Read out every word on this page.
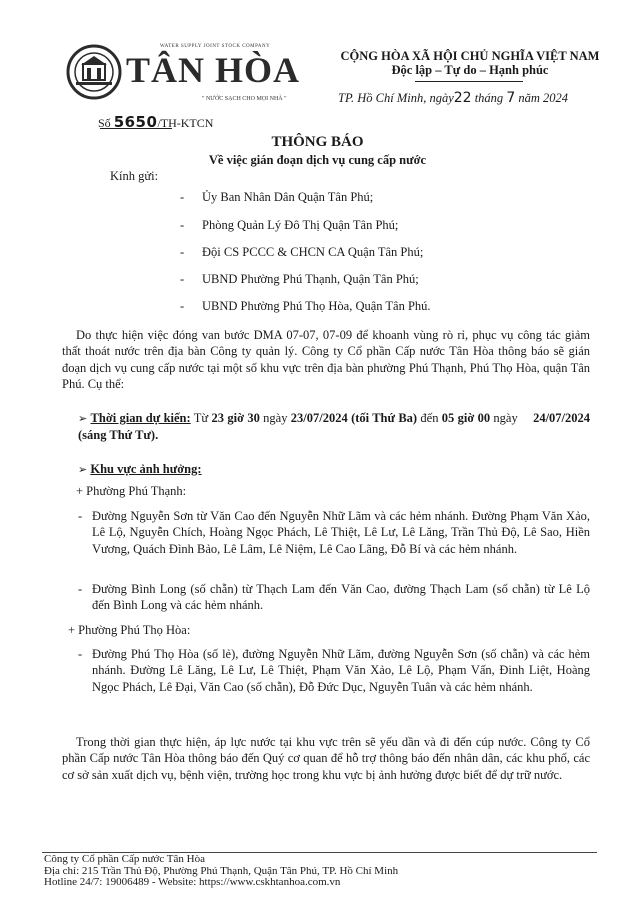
WATER SUPPLY JOINT STOCK COMPANY
TÂN HÒA
" NƯỚC SẠCH CHO MỌI NHÀ "
CỘNG HÒA XÃ HỘI CHỦ NGHĨA VIỆT NAM
Độc lập – Tự do – Hạnh phúc
TP. Hồ Chí Minh, ngày22 tháng 7 năm 2024
Số 5650/TH-KTCN
THÔNG BÁO
Về việc gián đoạn dịch vụ cung cấp nước
Kính gửi:
- Ủy Ban Nhân Dân Quận Tân Phú;
- Phòng Quản Lý Đô Thị Quận Tân Phú;
- Đội CS PCCC & CHCN CA Quận Tân Phú;
- UBND Phường Phú Thạnh, Quận Tân Phú;
- UBND Phường Phú Thọ Hòa, Quận Tân Phú.
Do thực hiện việc đóng van bước DMA 07-07, 07-09 để khoanh vùng rò rỉ, phục vụ công tác giảm thất thoát nước trên địa bàn Công ty quản lý. Công ty Cổ phần Cấp nước Tân Hòa thông báo sẽ gián đoạn dịch vụ cung cấp nước tại một số khu vực trên địa bàn phường Phú Thạnh, Phú Thọ Hòa, quận Tân Phú. Cụ thể:
➢ Thời gian dự kiến: Từ 23 giờ 30 ngày 23/07/2024 (tối Thứ Ba) đến 05 giờ 00 ngày 24/07/2024 (sáng Thứ Tư).
➢ Khu vực ảnh hưởng:
+ Phường Phú Thạnh:
- Đường Nguyễn Sơn từ Văn Cao đến Nguyễn Nhữ Lãm và các hẻm nhánh. Đường Phạm Văn Xảo, Lê Lộ, Nguyễn Chích, Hoàng Ngọc Phách, Lê Thiệt, Lê Lư, Lê Lăng, Trần Thủ Độ, Lê Sao, Hiền Vương, Quách Đình Bảo, Lê Lâm, Lê Niệm, Lê Cao Lãng, Đỗ Bí và các hẻm nhánh.
- Đường Bình Long (số chẵn) từ Thạch Lam đến Văn Cao, đường Thạch Lam (số chẵn) từ Lê Lộ đến Bình Long và các hẻm nhánh.
+ Phường Phú Thọ Hòa:
- Đường Phú Thọ Hòa (số lẻ), đường Nguyễn Nhữ Lãm, đường Nguyễn Sơn (số chẵn) và các hẻm nhánh. Đường Lê Lăng, Lê Lư, Lê Thiệt, Phạm Văn Xảo, Lê Lộ, Phạm Vấn, Đinh Liệt, Hoàng Ngọc Phách, Lê Đại, Văn Cao (số chẵn), Đỗ Đức Dục, Nguyễn Tuân và các hẻm nhánh.
Trong thời gian thực hiện, áp lực nước tại khu vực trên sẽ yếu dần và đi đến cúp nước. Công ty Cổ phần Cấp nước Tân Hòa thông báo đến Quý cơ quan để hỗ trợ thông báo đến nhân dân, các khu phố, các cơ sở sản xuất dịch vụ, bệnh viện, trường học trong khu vực bị ảnh hưởng được biết để dự trữ nước.
Công ty Cổ phần Cấp nước Tân Hòa
Địa chỉ: 215 Trần Thủ Độ, Phường Phú Thạnh, Quận Tân Phú, TP. Hồ Chí Minh
Hotline 24/7: 19006489 - Website: https://www.cskhtanhoa.com.vn
